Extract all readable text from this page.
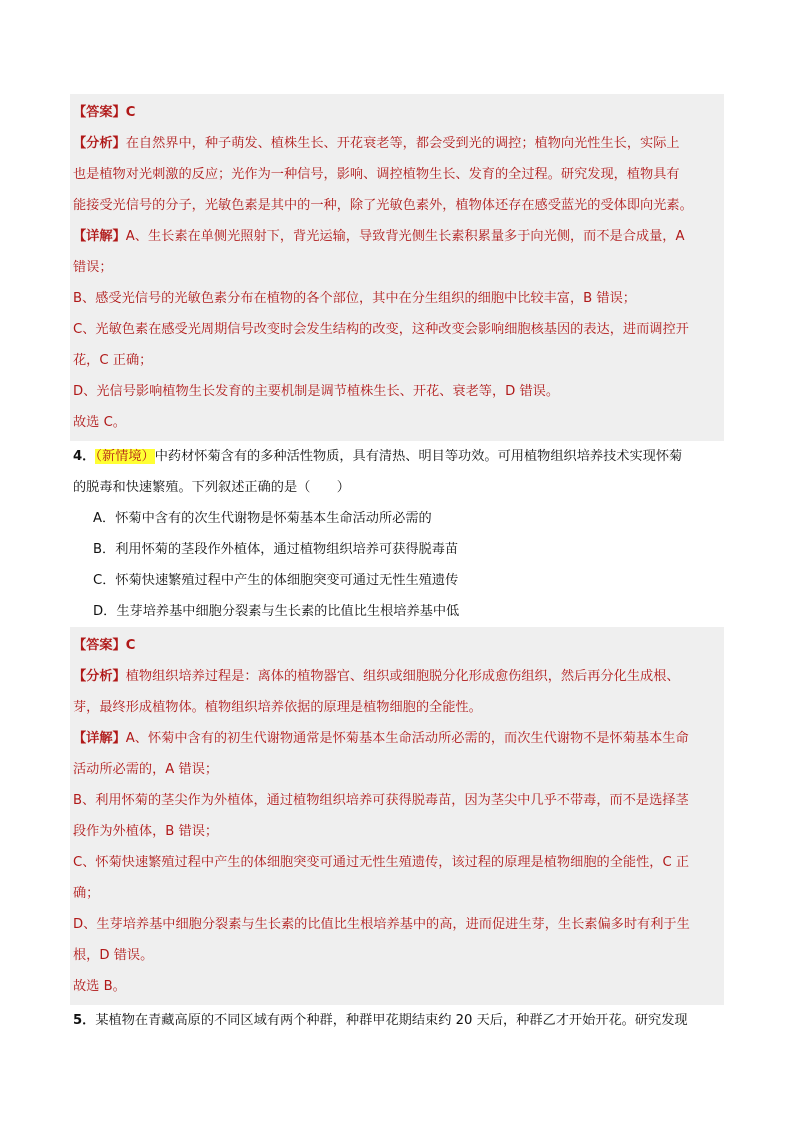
【答案】C
【分析】在自然界中，种子萌发、植株生长、开花衰老等，都会受到光的调控；植物向光性生长，实际上
也是植物对光刺激的反应；光作为一种信号，影响、调控植物生长、发育的全过程。研究发现，植物具有
能接受光信号的分子，光敏色素是其中的一种，除了光敏色素外，植物体还存在感受蓝光的受体即向光素。
【详解】A、生长素在单侧光照射下，背光运输，导致背光侧生长素积累量多于向光侧，而不是合成量，A
错误；
B、感受光信号的光敏色素分布在植物的各个部位，其中在分生组织的细胞中比较丰富，B 错误；
C、光敏色素在感受光周期信号改变时会发生结构的改变，这种改变会影响细胞核基因的表达，进而调控开
花，C 正确；
D、光信号影响植物生长发育的主要机制是调节植株生长、开花、衰老等，D 错误。
故选 C。
4．（新情境）中药材怀菊含有的多种活性物质，具有清热、明目等功效。可用植物组织培养技术实现怀菊
的脱毒和快速繁殖。下列叙述正确的是（　　）
A．怀菊中含有的次生代谢物是怀菊基本生命活动所必需的
B．利用怀菊的茎段作外植体，通过植物组织培养可获得脱毒苗
C．怀菊快速繁殖过程中产生的体细胞突变可通过无性生殖遗传
D．生芽培养基中细胞分裂素与生长素的比值比生根培养基中低
【答案】C
【分析】植物组织培养过程是：离体的植物器官、组织或细胞脱分化形成愈伤组织，然后再分化生成根、
芽，最终形成植物体。植物组织培养依据的原理是植物细胞的全能性。
【详解】A、怀菊中含有的初生代谢物通常是怀菊基本生命活动所必需的，而次生代谢物不是怀菊基本生命
活动所必需的，A 错误；
B、利用怀菊的茎尖作为外植体，通过植物组织培养可获得脱毒苗，因为茎尖中几乎不带毒，而不是选择茎
段作为外植体，B 错误；
C、怀菊快速繁殖过程中产生的体细胞突变可通过无性生殖遗传，该过程的原理是植物细胞的全能性，C 正
确；
D、生芽培养基中细胞分裂素与生长素的比值比生根培养基中的高，进而促进生芽，生长素偏多时有利于生
根，D 错误。
故选 B。
5．某植物在青藏高原的不同区域有两个种群，种群甲花期结束约 20 天后，种群乙才开始开花。研究发现
